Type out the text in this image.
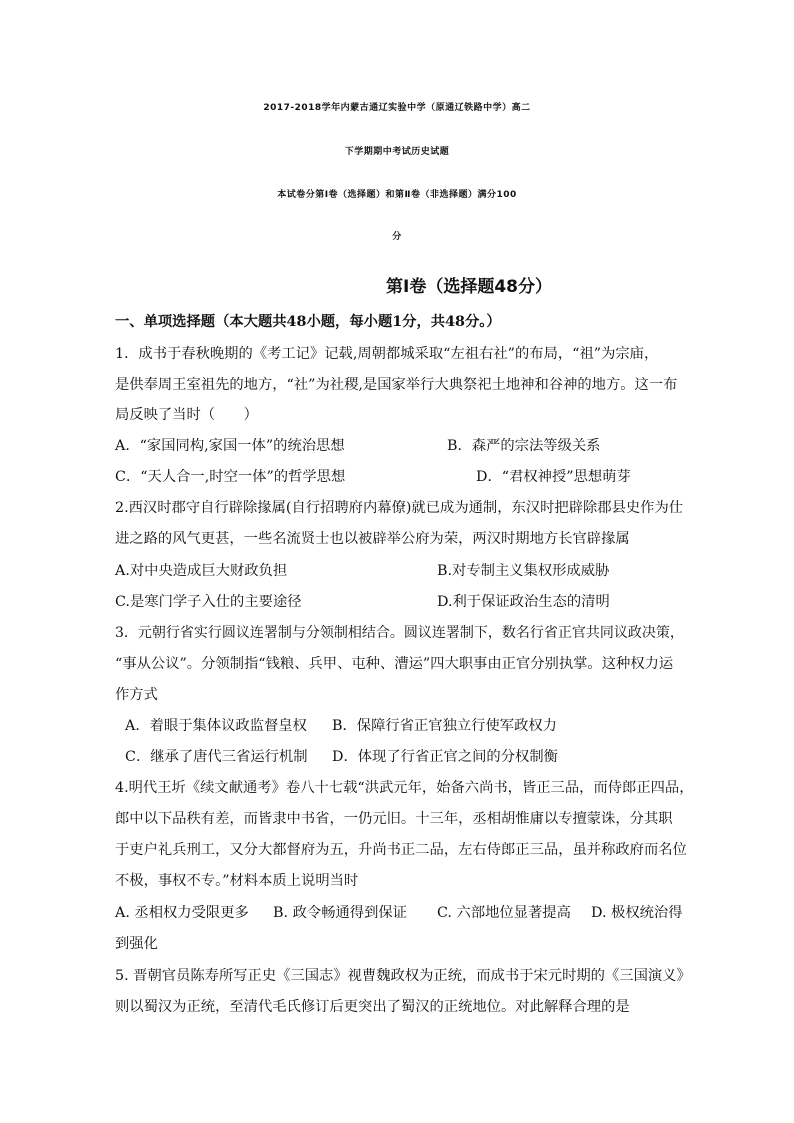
2017-2018学年内蒙古通辽实验中学（原通辽铁路中学）高二
下学期期中考试历史试题
本试卷分第Ⅰ卷（选择题）和第Ⅱ卷（非选择题）满分100
分
第Ⅰ卷（选择题48分）
一、单项选择题（本大题共48小题，每小题1分，共48分。）
1．成书于春秋晚期的《考工记》记载,周朝都城采取“左祖右社”的布局，“祖”为宗庙，
是供奉周王室祖先的地方，“社”为社稷,是国家举行大典祭祀土地神和谷神的地方。这一布
局反映了当时（　　）
A．“家国同构,家国一体”的统治思想	B．森严的宗法等级关系
C．“天人合一,时空一体”的哲学思想	D．“君权神授”思想萌芽
2.西汉时郡守自行辟除掾属(自行招聘府内幕僚)就已成为通制，东汉时把辟除郡县史作为仕
进之路的风气更甚，一些名流贤士也以被辟举公府为荣，两汉时期地方长官辟掾属
A.对中央造成巨大财政负担	B.对专制主义集权形成威胁
C.是寒门学子入仕的主要途径	D.利于保证政治生态的清明
3．元朝行省实行圆议连署制与分领制相结合。圆议连署制下，数名行省正官共同议政决策，
“事从公议”。分领制指“钱粮、兵甲、屯种、漕运”四大职事由正官分别执掌。这种权力运
作方式
A．着眼于集体议政监督皇权 B．保障行省正官独立行使军政权力
C．继承了唐代三省运行机制 D．体现了行省正官之间的分权制衡
4.明代王圻《续文献通考》卷八十七载“洪武元年，始备六尚书，皆正三品，而侍郎正四品，
郎中以下品秩有差，而皆隶中书省，一仍元旧。十三年，丞相胡惟庸以专擅蒙诛，分其职
于吏户礼兵刑工，又分大都督府为五，升尚书正二品，左右侍郎正三品，虽并称政府而名位
不极，事权不专。”材料本质上说明当时
A. 丞相权力受限更多 B. 政令畅通得到保证 C. 六部地位显著提高 D. 极权统治得
到强化
5. 晋朝官员陈寿所写正史《三国志》视曹魏政权为正统，而成书于宋元时期的《三国演义》
则以蜀汉为正统，至清代毛氏修订后更突出了蜀汉的正统地位。对此解释合理的是
